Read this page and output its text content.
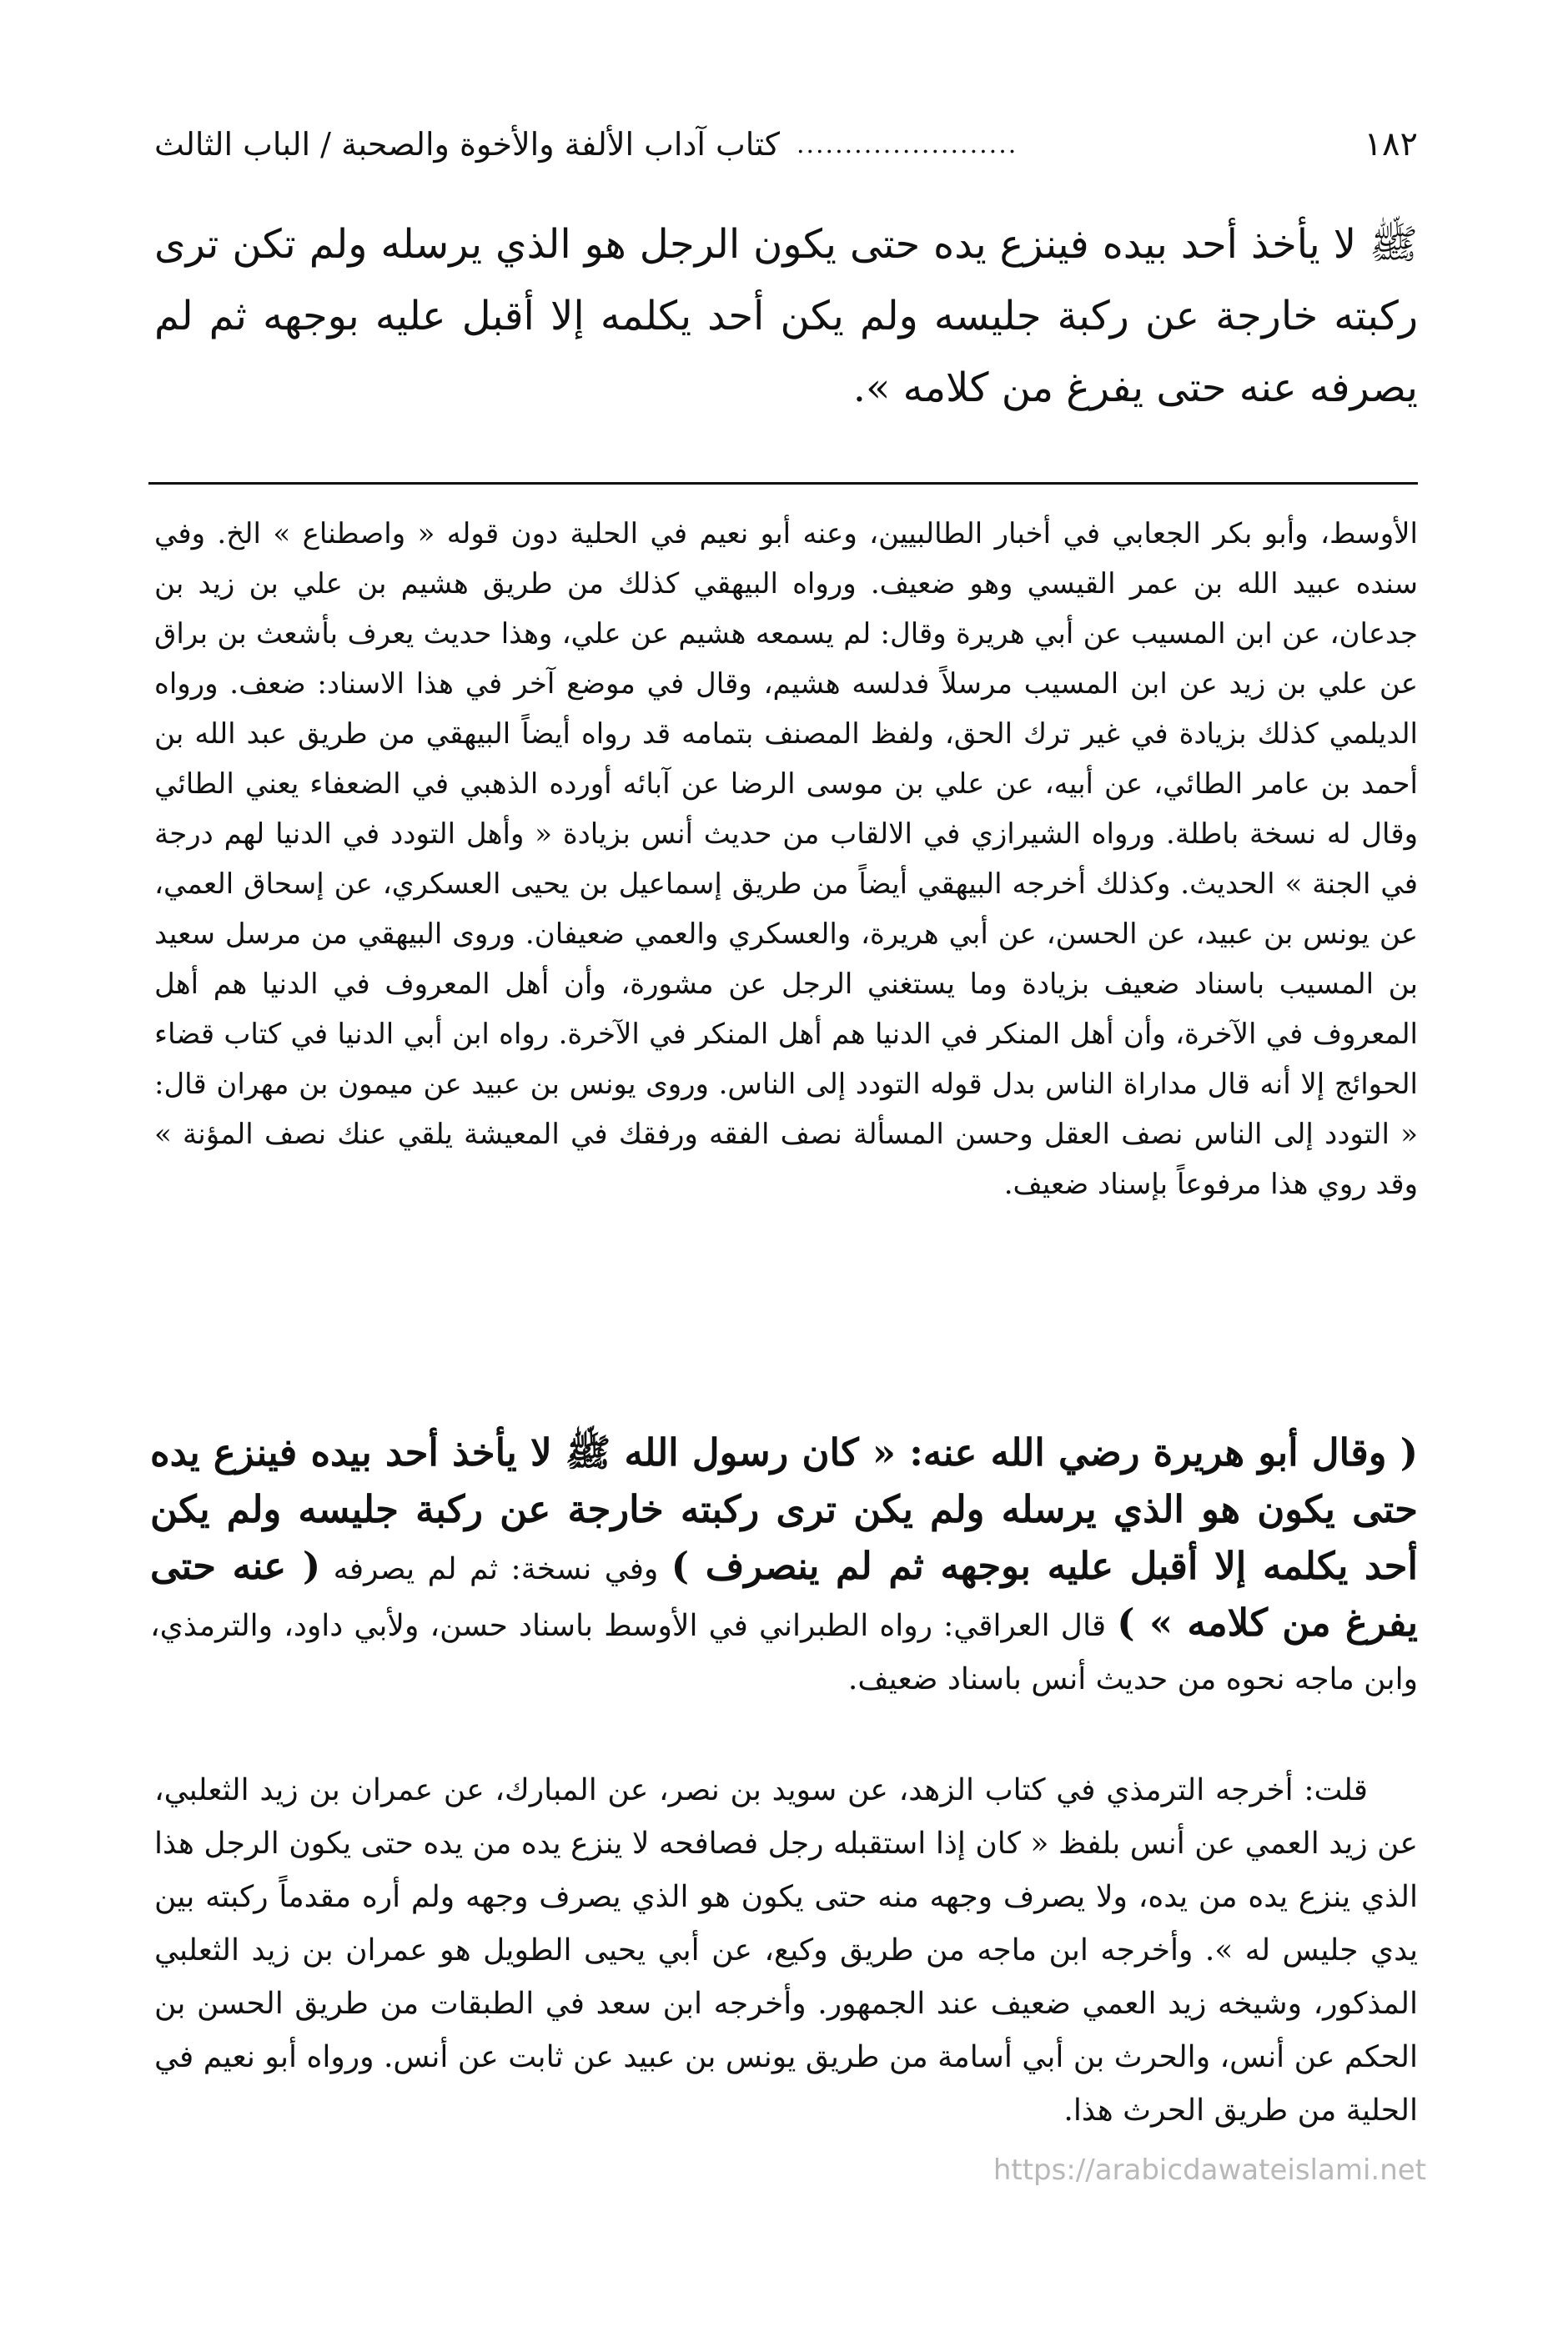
١٨٢
كتاب آداب الألفة والأخوة والصحبة / الباب الثالث .......................
ﷺ لا يأخذ أحد بيده فينزع يده حتى يكون الرجل هو الذي يرسله ولم تكن ترى ركبته خارجة عن ركبة جليسه ولم يكن أحد يكلمه إلا أقبل عليه بوجهه ثم لم يصرفه عنه حتى يفرغ من كلامه ».
الأوسط، وأبو بكر الجعابي في أخبار الطالبيين، وعنه أبو نعيم في الحلية دون قوله « واصطناع » الخ. وفي سنده عبيد الله بن عمر القيسي وهو ضعيف. ورواه البيهقي كذلك من طريق هشيم بن علي بن زيد بن جدعان، عن ابن المسيب عن أبي هريرة وقال: لم يسمعه هشيم عن علي، وهذا حديث يعرف بأشعث بن براق عن علي بن زيد عن ابن المسيب مرسلاً فدلسه هشيم، وقال في موضع آخر في هذا الاسناد: ضعف. ورواه الديلمي كذلك بزيادة في غير ترك الحق، ولفظ المصنف بتمامه قد رواه أيضاً البيهقي من طريق عبد الله بن أحمد بن عامر الطائي، عن أبيه، عن علي بن موسى الرضا عن آبائه أورده الذهبي في الضعفاء يعني الطائي وقال له نسخة باطلة. ورواه الشيرازي في الالقاب من حديث أنس بزيادة « وأهل التودد في الدنيا لهم درجة في الجنة » الحديث. وكذلك أخرجه البيهقي أيضاً من طريق إسماعيل بن يحيى العسكري، عن إسحاق العمي، عن يونس بن عبيد، عن الحسن، عن أبي هريرة، والعسكري والعمي ضعيفان. وروى البيهقي من مرسل سعيد بن المسيب باسناد ضعيف بزيادة وما يستغني الرجل عن مشورة، وأن أهل المعروف في الدنيا هم أهل المعروف في الآخرة، وأن أهل المنكر في الدنيا هم أهل المنكر في الآخرة. رواه ابن أبي الدنيا في كتاب قضاء الحوائج إلا أنه قال مداراة الناس بدل قوله التودد إلى الناس. وروى يونس بن عبيد عن ميمون بن مهران قال: « التودد إلى الناس نصف العقل وحسن المسألة نصف الفقه ورفقك في المعيشة يلقي عنك نصف المؤنة » وقد روي هذا مرفوعاً بإسناد ضعيف.
( وقال أبو هريرة رضي الله عنه: « كان رسول الله ﷺ لا يأخذ أحد بيده فينزع يده حتى يكون هو الذي يرسله ولم يكن ترى ركبته خارجة عن ركبة جليسه ولم يكن أحد يكلمه إلا أقبل عليه بوجهه ثم لم ينصرف ) وفي نسخة: ثم لم يصرفه ( عنه حتى يفرغ من كلامه » ) قال العراقي: رواه الطبراني في الأوسط باسناد حسن، ولأبي داود، والترمذي، وابن ماجه نحوه من حديث أنس باسناد ضعيف.
قلت: أخرجه الترمذي في كتاب الزهد، عن سويد بن نصر، عن المبارك، عن عمران بن زيد الثعلبي، عن زيد العمي عن أنس بلفظ « كان إذا استقبله رجل فصافحه لا ينزع يده من يده حتى يكون الرجل هذا الذي ينزع يده من يده، ولا يصرف وجهه منه حتى يكون هو الذي يصرف وجهه ولم أره مقدماً ركبته بين يدي جليس له ». وأخرجه ابن ماجه من طريق وكيع، عن أبي يحيى الطويل هو عمران بن زيد الثعلبي المذكور، وشيخه زيد العمي ضعيف عند الجمهور. وأخرجه ابن سعد في الطبقات من طريق الحسن بن الحكم عن أنس، والحرث بن أبي أسامة من طريق يونس بن عبيد عن ثابت عن أنس. ورواه أبو نعيم في الحلية من طريق الحرث هذا.
https://arabicdawateislami.net
